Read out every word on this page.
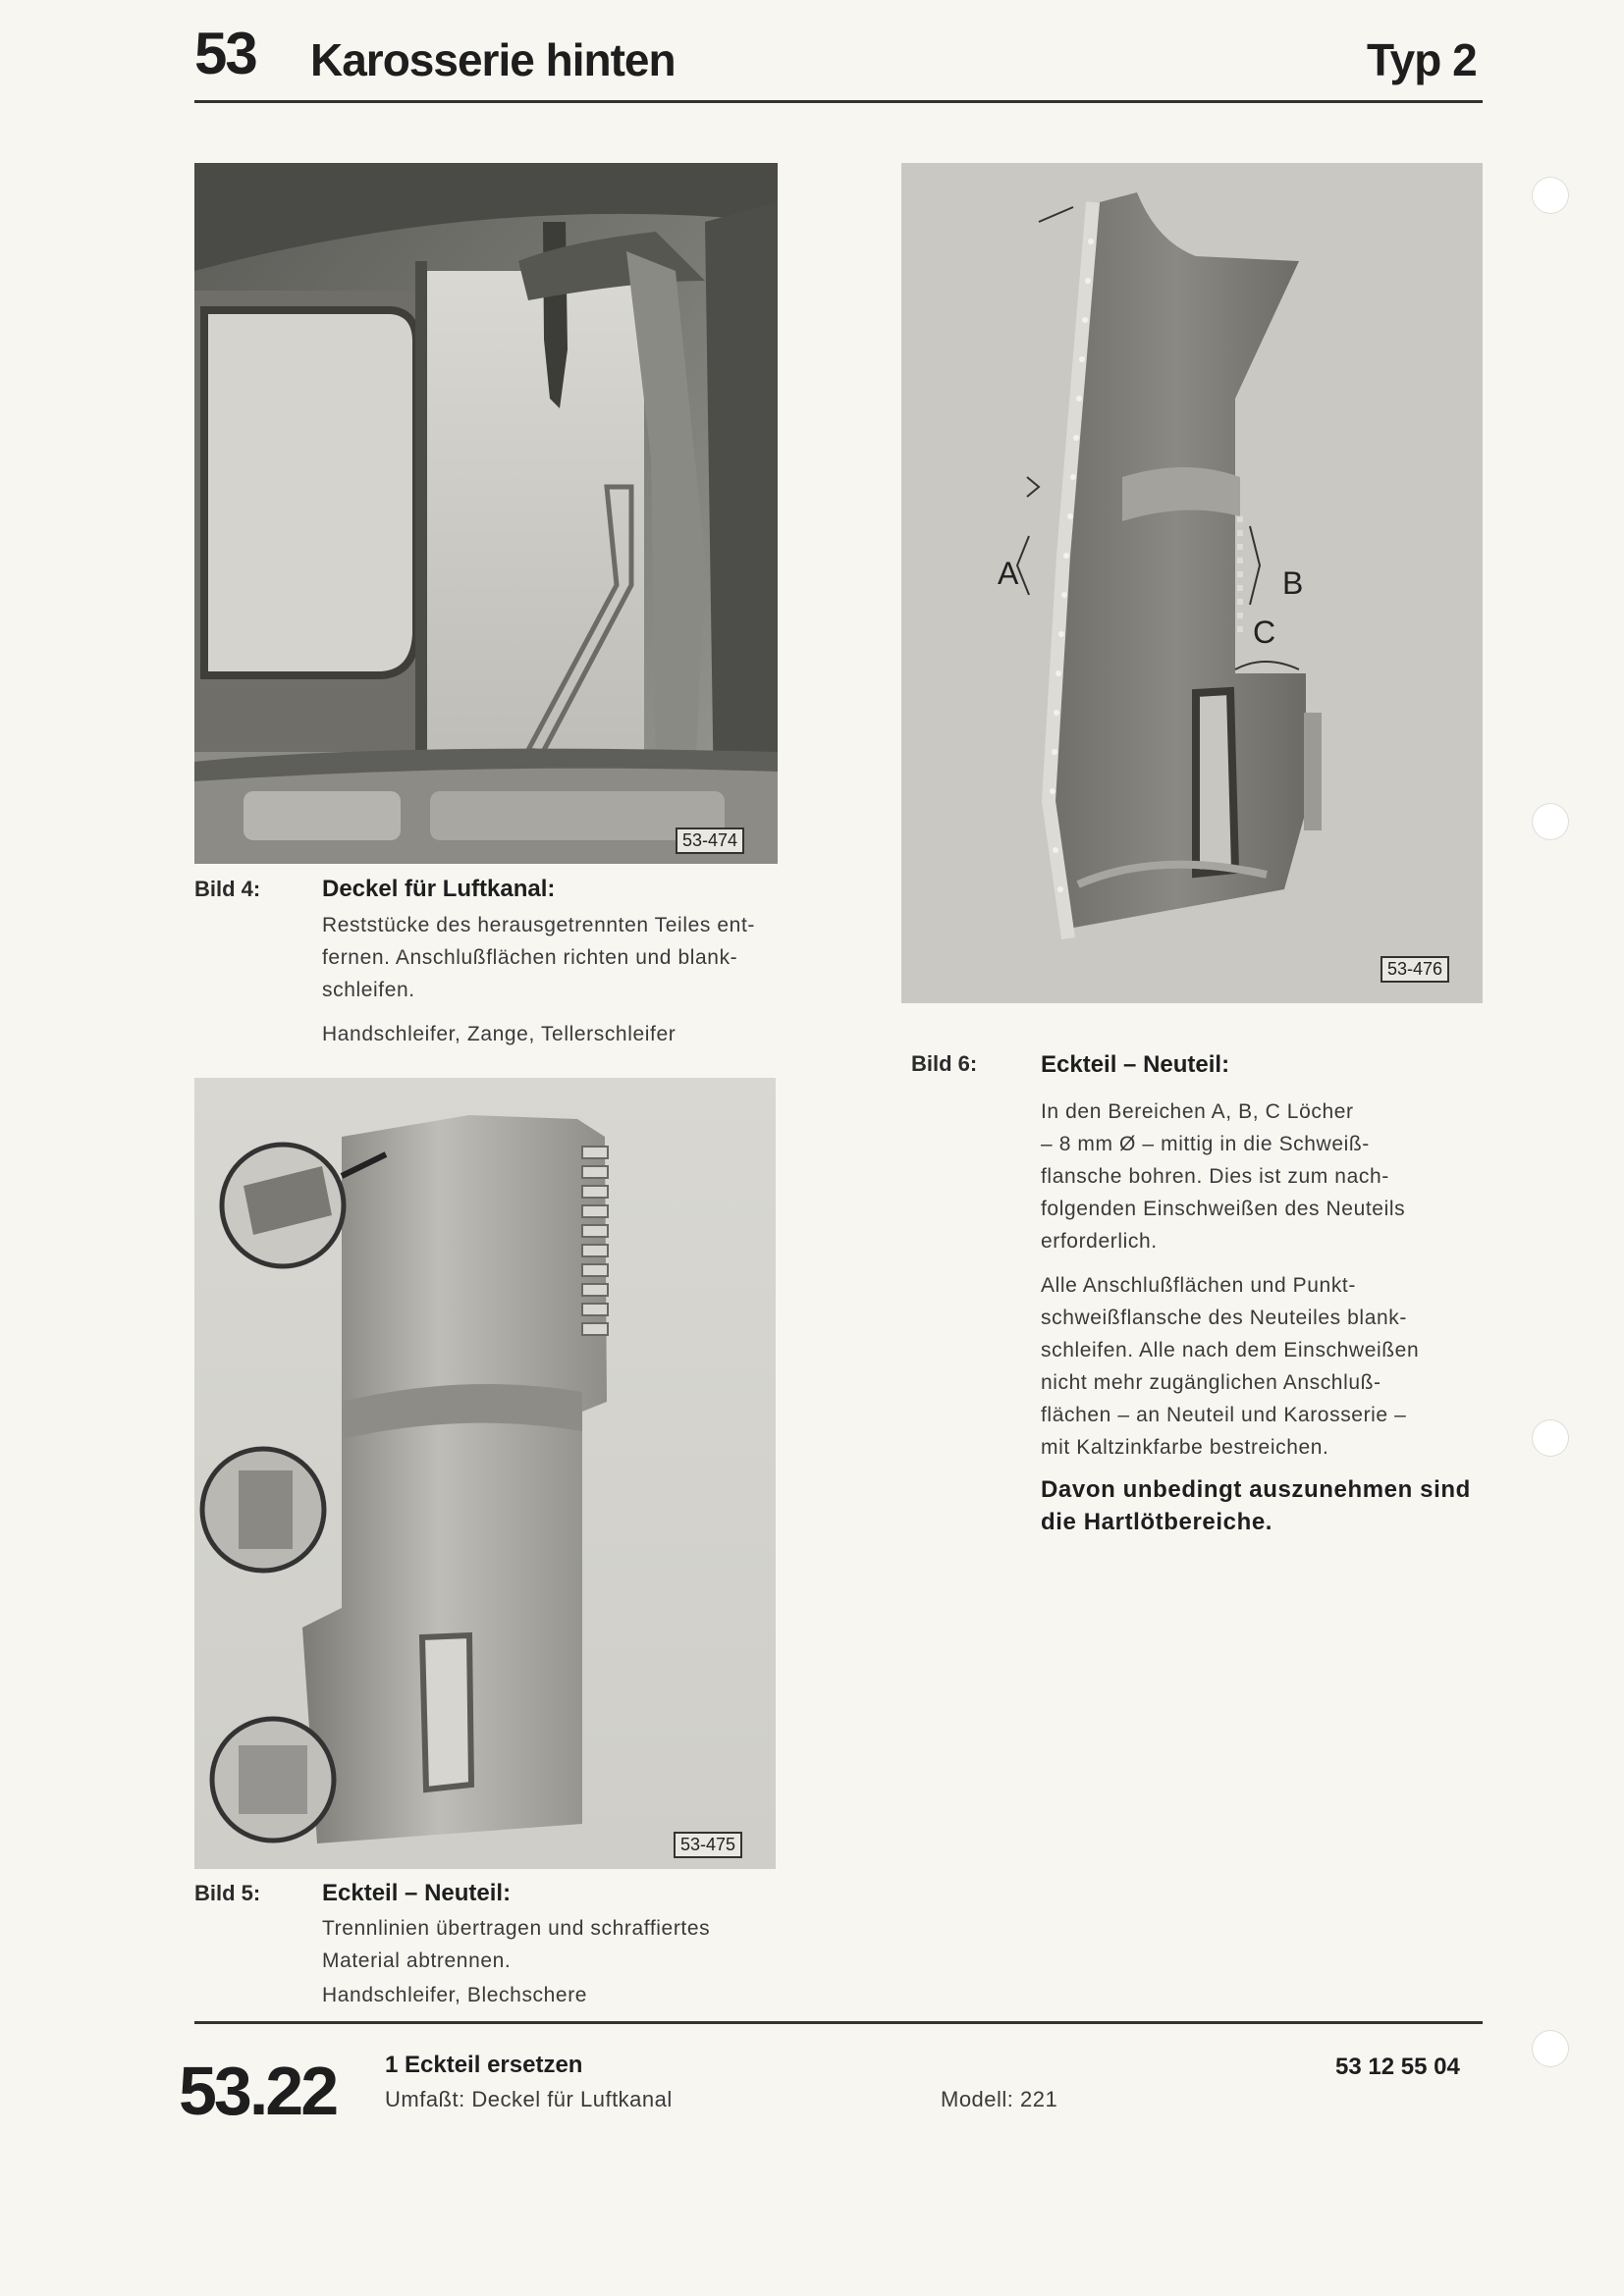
53 Karosserie hinten	Typ 2
53-474
Bild 4:	Deckel für Luftkanal:
Reststücke des herausgetrennten Teiles ent-
fernen. Anschlußflächen richten und blank-
schleifen.
Handschleifer, Zange, Tellerschleifer
53-475
Bild 5:	Eckteil – Neuteil:
Trennlinien übertragen und schraffiertes
Material abtrennen.
Handschleifer, Blechschere
A	B
C
53-476
Bild 6:	Eckteil – Neuteil:
In den Bereichen A, B, C Löcher
– 8 mm Ø – mittig in die Schweiß-
flansche bohren. Dies ist zum nach-
folgenden Einschweißen des Neuteils
erforderlich.
Alle Anschlußflächen und Punkt-
schweißflansche des Neuteiles blank-
schleifen. Alle nach dem Einschweißen
nicht mehr zugänglichen Anschluß-
flächen – an Neuteil und Karosserie –
mit Kaltzinkfarbe bestreichen.
Davon unbedingt auszunehmen sind
die Hartlötbereiche.
53.22 1 Eckteil ersetzen
Umfaßt: Deckel für Luftkanal	Modell: 221
53 12 55 04
